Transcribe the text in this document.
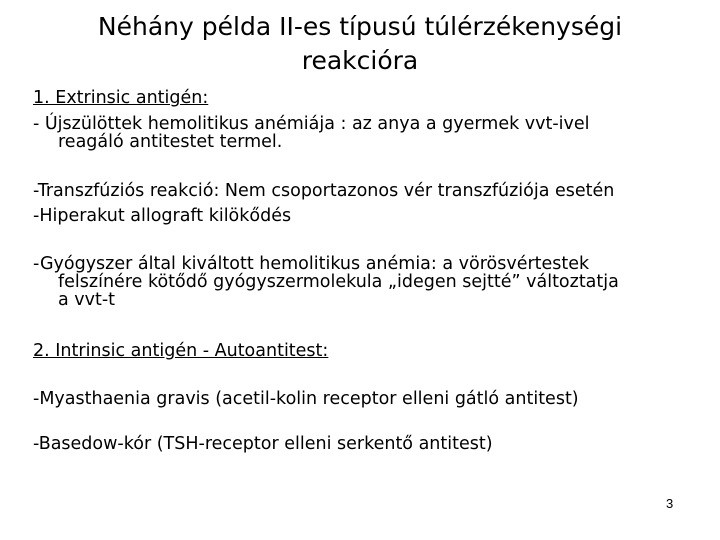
Néhány példa II-es típusú túlérzékenységi
reakcióra
1. Extrinsic antigén:
- Újszülöttek hemolitikus anémiája : az anya a gyermek vvt-ivel
reagáló antitestet termel.
-Transzfúziós reakció: Nem csoportazonos vér transzfúziója esetén
-Hiperakut allograft kilökődés
-Gyógyszer által kiváltott hemolitikus anémia: a vörösvértestek
felszínére kötődő gyógyszermolekula „idegen sejtté” változtatja
a vvt-t
2. Intrinsic antigén - Autoantitest:
-Myasthaenia gravis (acetil-kolin receptor elleni gátló antitest)
-Basedow-kór (TSH-receptor elleni serkentő antitest)
3
